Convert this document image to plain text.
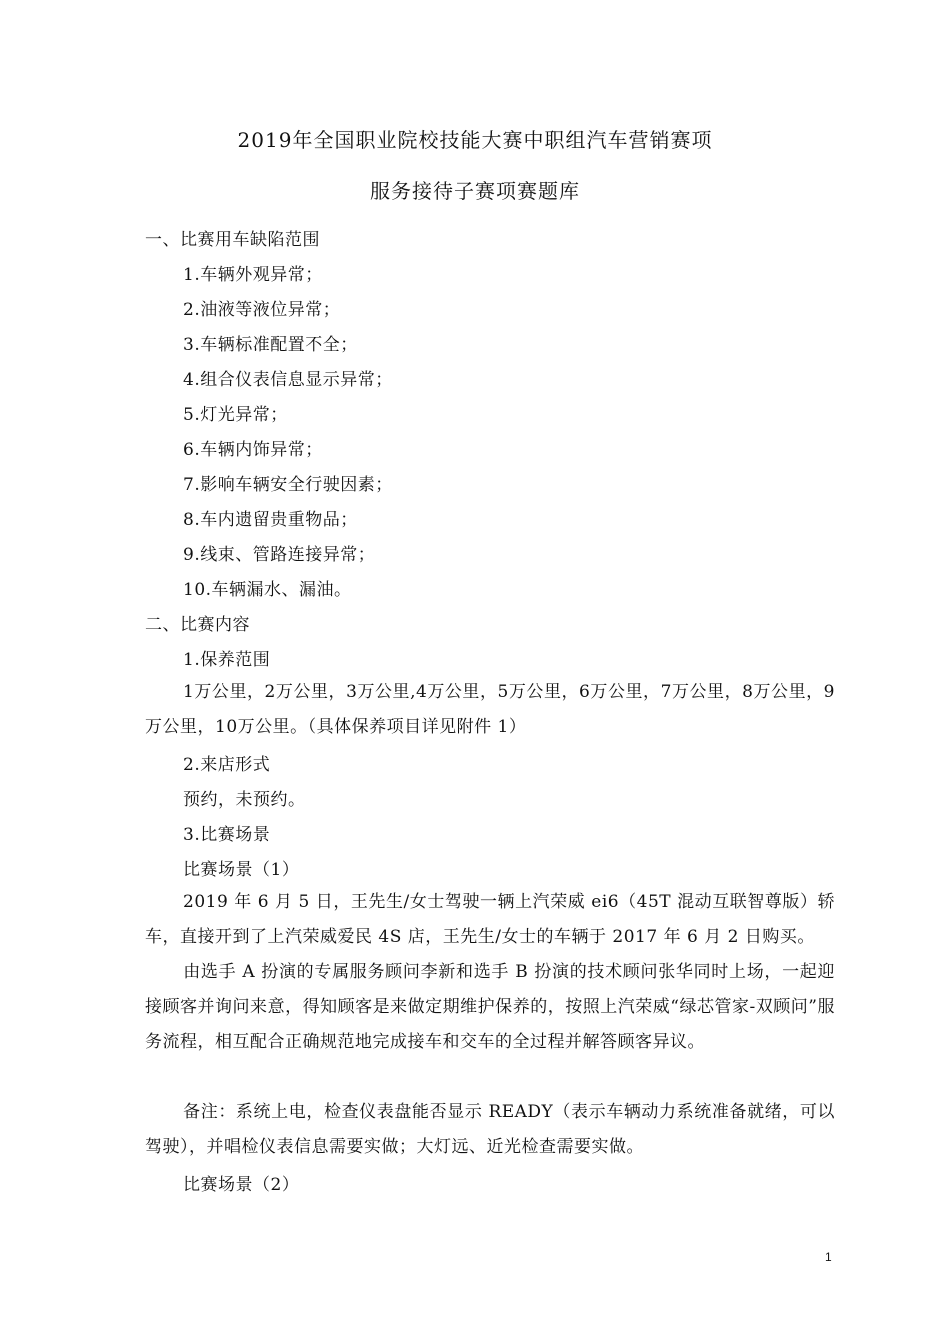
2019年全国职业院校技能大赛中职组汽车营销赛项
服务接待子赛项赛题库
一、比赛用车缺陷范围
1.车辆外观异常；
2.油液等液位异常；
3.车辆标准配置不全；
4.组合仪表信息显示异常；
5.灯光异常；
6.车辆内饰异常；
7.影响车辆安全行驶因素；
8.车内遗留贵重物品；
9.线束、管路连接异常；
10.车辆漏水、漏油。
二、比赛内容
1.保养范围
1万公里，2万公里，3万公里,4万公里，5万公里，6万公里，7万公里，8万公里，9万公里，10万公里。（具体保养项目详见附件 1）
2.来店形式
预约，未预约。
3.比赛场景
比赛场景（1）
2019 年 6 月 5 日，王先生/女士驾驶一辆上汽荣威 ei6（45T 混动互联智尊版）轿车，直接开到了上汽荣威爱民 4S 店，王先生/女士的车辆于 2017 年 6 月 2 日购买。
由选手 A 扮演的专属服务顾问李新和选手 B 扮演的技术顾问张华同时上场，一起迎接顾客并询问来意，得知顾客是来做定期维护保养的，按照上汽荣威“绿芯管家-双顾问”服务流程，相互配合正确规范地完成接车和交车的全过程并解答顾客异议。
备注：系统上电，检查仪表盘能否显示 READY（表示车辆动力系统准备就绪，可以驾驶），并唱检仪表信息需要实做；大灯远、近光检查需要实做。
比赛场景（2）
1
